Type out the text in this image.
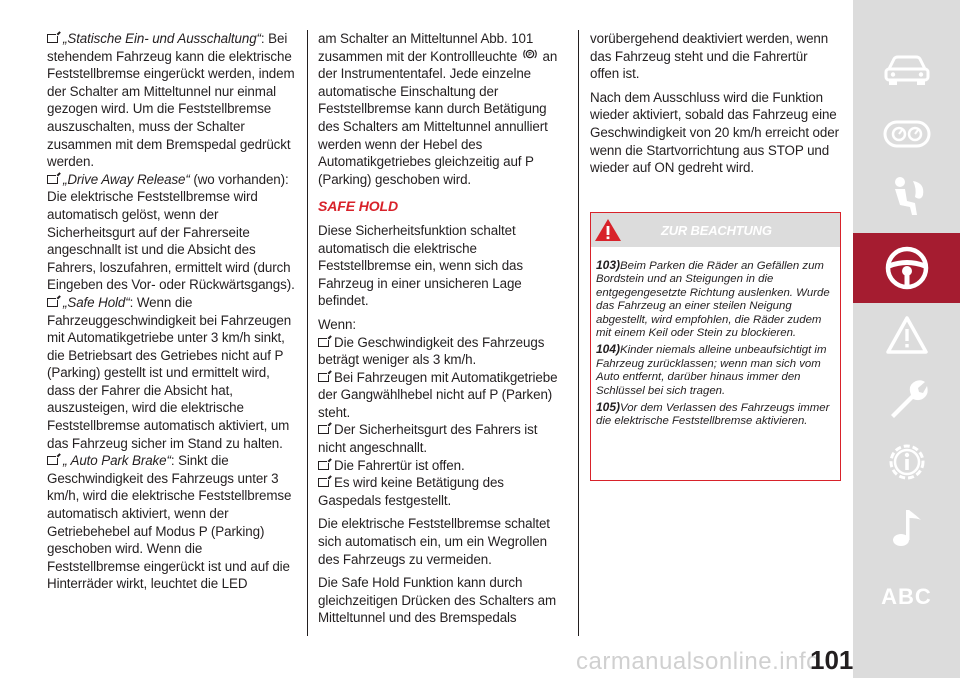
„Statische Ein- und Ausschaltung“: Bei stehendem Fahrzeug kann die elektrische Feststellbremse eingerückt werden, indem der Schalter am Mitteltunnel nur einmal gezogen wird. Um die Feststellbremse auszuschalten, muss der Schalter zusammen mit dem Bremspedal gedrückt werden.

„Drive Away Release“ (wo vorhanden): Die elektrische Feststellbremse wird automatisch gelöst, wenn der Sicherheitsgurt auf der Fahrerseite angeschnallt ist und die Absicht des Fahrers, loszufahren, ermittelt wird (durch Eingeben des Vor- oder Rückwärtsgangs).

„Safe Hold“: Wenn die Fahrzeuggeschwindigkeit bei Fahrzeugen mit Automatikgetriebe unter 3 km/h sinkt, die Betriebsart des Getriebes nicht auf P (Parking) gestellt ist und ermittelt wird, dass der Fahrer die Absicht hat, auszusteigen, wird die elektrische Feststellbremse automatisch aktiviert, um das Fahrzeug sicher im Stand zu halten.

„ Auto Park Brake“: Sinkt die Geschwindigkeit des Fahrzeugs unter 3 km/h, wird die elektrische Feststellbremse automatisch aktiviert, wenn der Getriebehebel auf Modus P (Parking) geschoben wird. Wenn die Feststellbremse eingerückt ist und auf die Hinterräder wirkt, leuchtet die LED

am Schalter an Mitteltunnel Abb. 101 zusammen mit der Kontrollleuchte P an der Instrumententafel. Jede einzelne automatische Einschaltung der Feststellbremse kann durch Betätigung des Schalters am Mitteltunnel annulliert werden wenn der Hebel des Automatikgetriebes gleichzeitig auf P (Parking) geschoben wird.

SAFE HOLD

Diese Sicherheitsfunktion schaltet automatisch die elektrische Feststellbremse ein, wenn sich das Fahrzeug in einer unsicheren Lage befindet.

Wenn:

Die Geschwindigkeit des Fahrzeugs beträgt weniger als 3 km/h.
Bei Fahrzeugen mit Automatikgetriebe der Gangwählhebel nicht auf P (Parken) steht.
Der Sicherheitsgurt des Fahrers ist nicht angeschnallt.
Die Fahrertür ist offen.
Es wird keine Betätigung des Gaspedals festgestellt.

Die elektrische Feststellbremse schaltet sich automatisch ein, um ein Wegrollen des Fahrzeugs zu vermeiden.

Die Safe Hold Funktion kann durch gleichzeitigen Drücken des Schalters am Mitteltunnel und des Bremspedals

vorübergehend deaktiviert werden, wenn das Fahrzeug steht und die Fahrertür offen ist.

Nach dem Ausschluss wird die Funktion wieder aktiviert, sobald das Fahrzeug eine Geschwindigkeit von 20 km/h erreicht oder wenn die Startvorrichtung aus STOP und wieder auf ON gedreht wird.

ZUR BEACHTUNG

103)Beim Parken die Räder an Gefällen zum Bordstein und an Steigungen in die entgegengesetzte Richtung auslenken. Wurde das Fahrzeug an einer steilen Neigung abgestellt, wird empfohlen, die Räder zudem mit einem Keil oder Stein zu blockieren.

104)Kinder niemals alleine unbeaufsichtigt im Fahrzeug zurücklassen; wenn man sich vom Auto entfernt, darüber hinaus immer den Schlüssel bei sich tragen.

105)Vor dem Verlassen des Fahrzeugs immer die elektrische Feststellbremse aktivieren.

ABC
carmanualsonline.info
101
